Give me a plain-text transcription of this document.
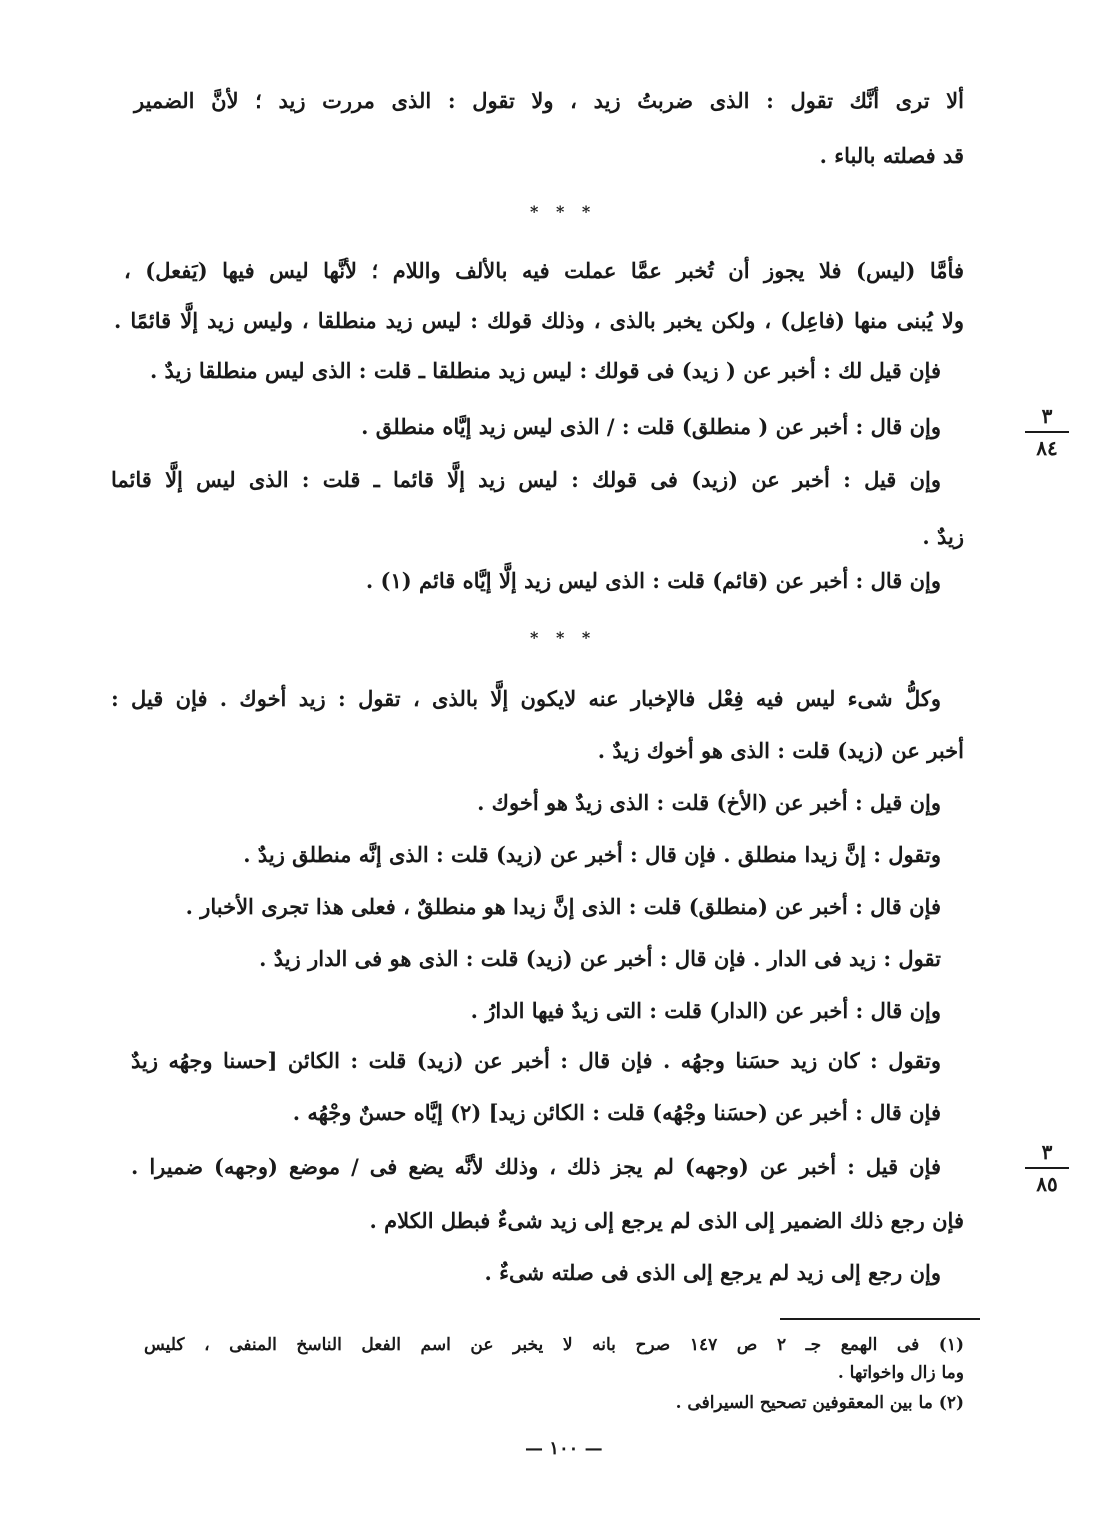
ألا ترى أنَّك تقول : الذى ضربتُ زيد ، ولا تقول : الذى مررت زيد ؛ لأنَّ الضمير
قد فصلته بالباء .
* * *
فأمَّا (ليس) فلا يجوز أن تُخبر عمَّا عملت فيه بالألف واللام ؛ لأنَّها ليس فيها (يَفعل) ،
ولا يُبنى منها (فاعِل) ، ولكن يخبر بالذى ، وذلك قولك : ليس زيد منطلقا ، وليس زيد إلَّا قائمًا .
فإن قيل لك : أخبر عن ( زيد) فى قولك : ليس زيد منطلقا ـ قلت : الذى ليس منطلقا زيدٌ .
وإن قال : أخبر عن ( منطلق) قلت : / الذى ليس زيد إيَّاه منطلق .
وإن قيل : أخبر عن (زيد) فى قولك : ليس زيد إلَّا قائما ـ قلت : الذى ليس إلَّا قائما
زيدٌ .
وإن قال : أخبر عن (قائم) قلت : الذى ليس زيد إلَّا إيَّاه قائم (١) .
٣
٨٤
* * *
وكلُّ شىء ليس فيه فِعْل فالإخبار عنه لايكون إلَّا بالذى ، تقول : زيد أخوك . فإن قيل :
أخبر عن (زيد) قلت : الذى هو أخوك زيدٌ .
وإن قيل : أخبر عن (الأخ) قلت : الذى زيدٌ هو أخوك .
وتقول : إنَّ زيدا منطلق . فإن قال : أخبر عن (زيد) قلت : الذى إنَّه منطلق زيدٌ .
فإن قال : أخبر عن (منطلق) قلت : الذى إنَّ زيدا هو منطلقٌ ، فعلى هذا تجرى الأخبار .
تقول : زيد فى الدار . فإن قال : أخبر عن (زيد) قلت : الذى هو فى الدار زيدٌ .
وإن قال : أخبر عن (الدار) قلت : التى زيدٌ فيها الدارُ .
وتقول : كان زيد حسَنا وجهُه . فإن قال : أخبر عن (زيد) قلت : الكائن [حسنا وجهُه زيدٌ
فإن قال : أخبر عن (حسَنا وجْهُه) قلت : الكائن زيد] (٢) إيَّاه حسنٌ وجْهُه .
فإن قيل : أخبر عن (وجهه) لم يجز ذلك ، وذلك لأنَّه يضع فى / موضع (وجهه) ضميرا .
فإن رجع ذلك الضمير إلى الذى لم يرجع إلى زيد شىءٌ فبطل الكلام .
وإن رجع إلى زيد لم يرجع إلى الذى فى صلته شىءٌ .
٣
٨٥
(١) فى الهمع جـ ٢ ص ١٤٧ صرح بانه لا يخبر عن اسم الفعل الناسخ المنفى ، كليس
وما زال واخواتها .
(٢) ما بين المعقوفين تصحيح السيرافى .
— ١٠٠ —
